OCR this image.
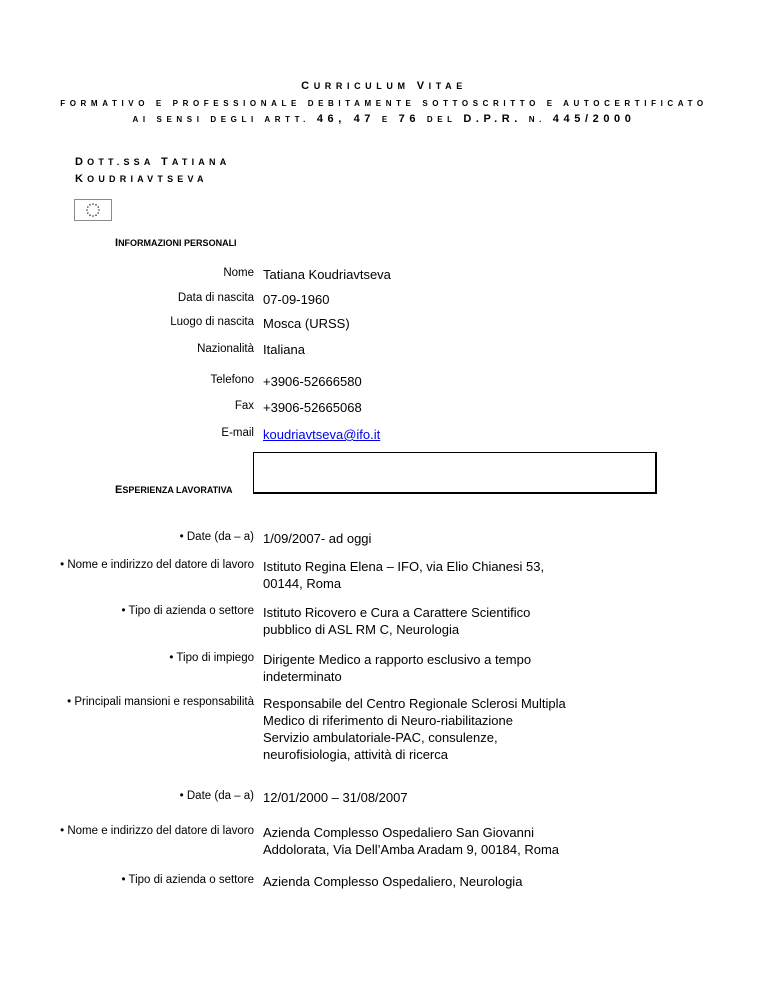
CURRICULUM VITAE
FORMATIVO E PROFESSIONALE DEBITAMENTE SOTTOSCRITTO E AUTOCERTIFICATO
AI SENSI DEGLI ARTT. 46, 47 E 76 DEL D.P.R. N. 445/2000
DOTT.SSA TATIANA
KOUDRIAVTSEVA
INFORMAZIONI PERSONALI
Nome Tatiana Koudriavtseva
Data di nascita 07-09-1960
Luogo di nascita Mosca (URSS)
Nazionalità Italiana
Telefono +3906-52666580
Fax +3906-52665068
E-mail koudriavtseva@ifo.it
ESPERIENZA LAVORATIVA
• Date (da – a) 1/09/2007- ad oggi
• Nome e indirizzo del datore di lavoro Istituto Regina Elena – IFO, via Elio Chianesi 53,
00144, Roma
• Tipo di azienda o settore Istituto Ricovero e Cura a Carattere Scientifico
pubblico di ASL RM C, Neurologia
• Tipo di impiego Dirigente Medico a rapporto esclusivo a tempo
indeterminato
• Principali mansioni e responsabilità Responsabile del Centro Regionale Sclerosi Multipla
Medico di riferimento di Neuro-riabilitazione
Servizio ambulatoriale-PAC, consulenze,
neurofisiologia, attività di ricerca
• Date (da – a) 12/01/2000 – 31/08/2007
• Nome e indirizzo del datore di lavoro Azienda Complesso Ospedaliero San Giovanni
Addolorata, Via Dell’Amba Aradam 9, 00184, Roma
• Tipo di azienda o settore Azienda Complesso Ospedaliero, Neurologia
